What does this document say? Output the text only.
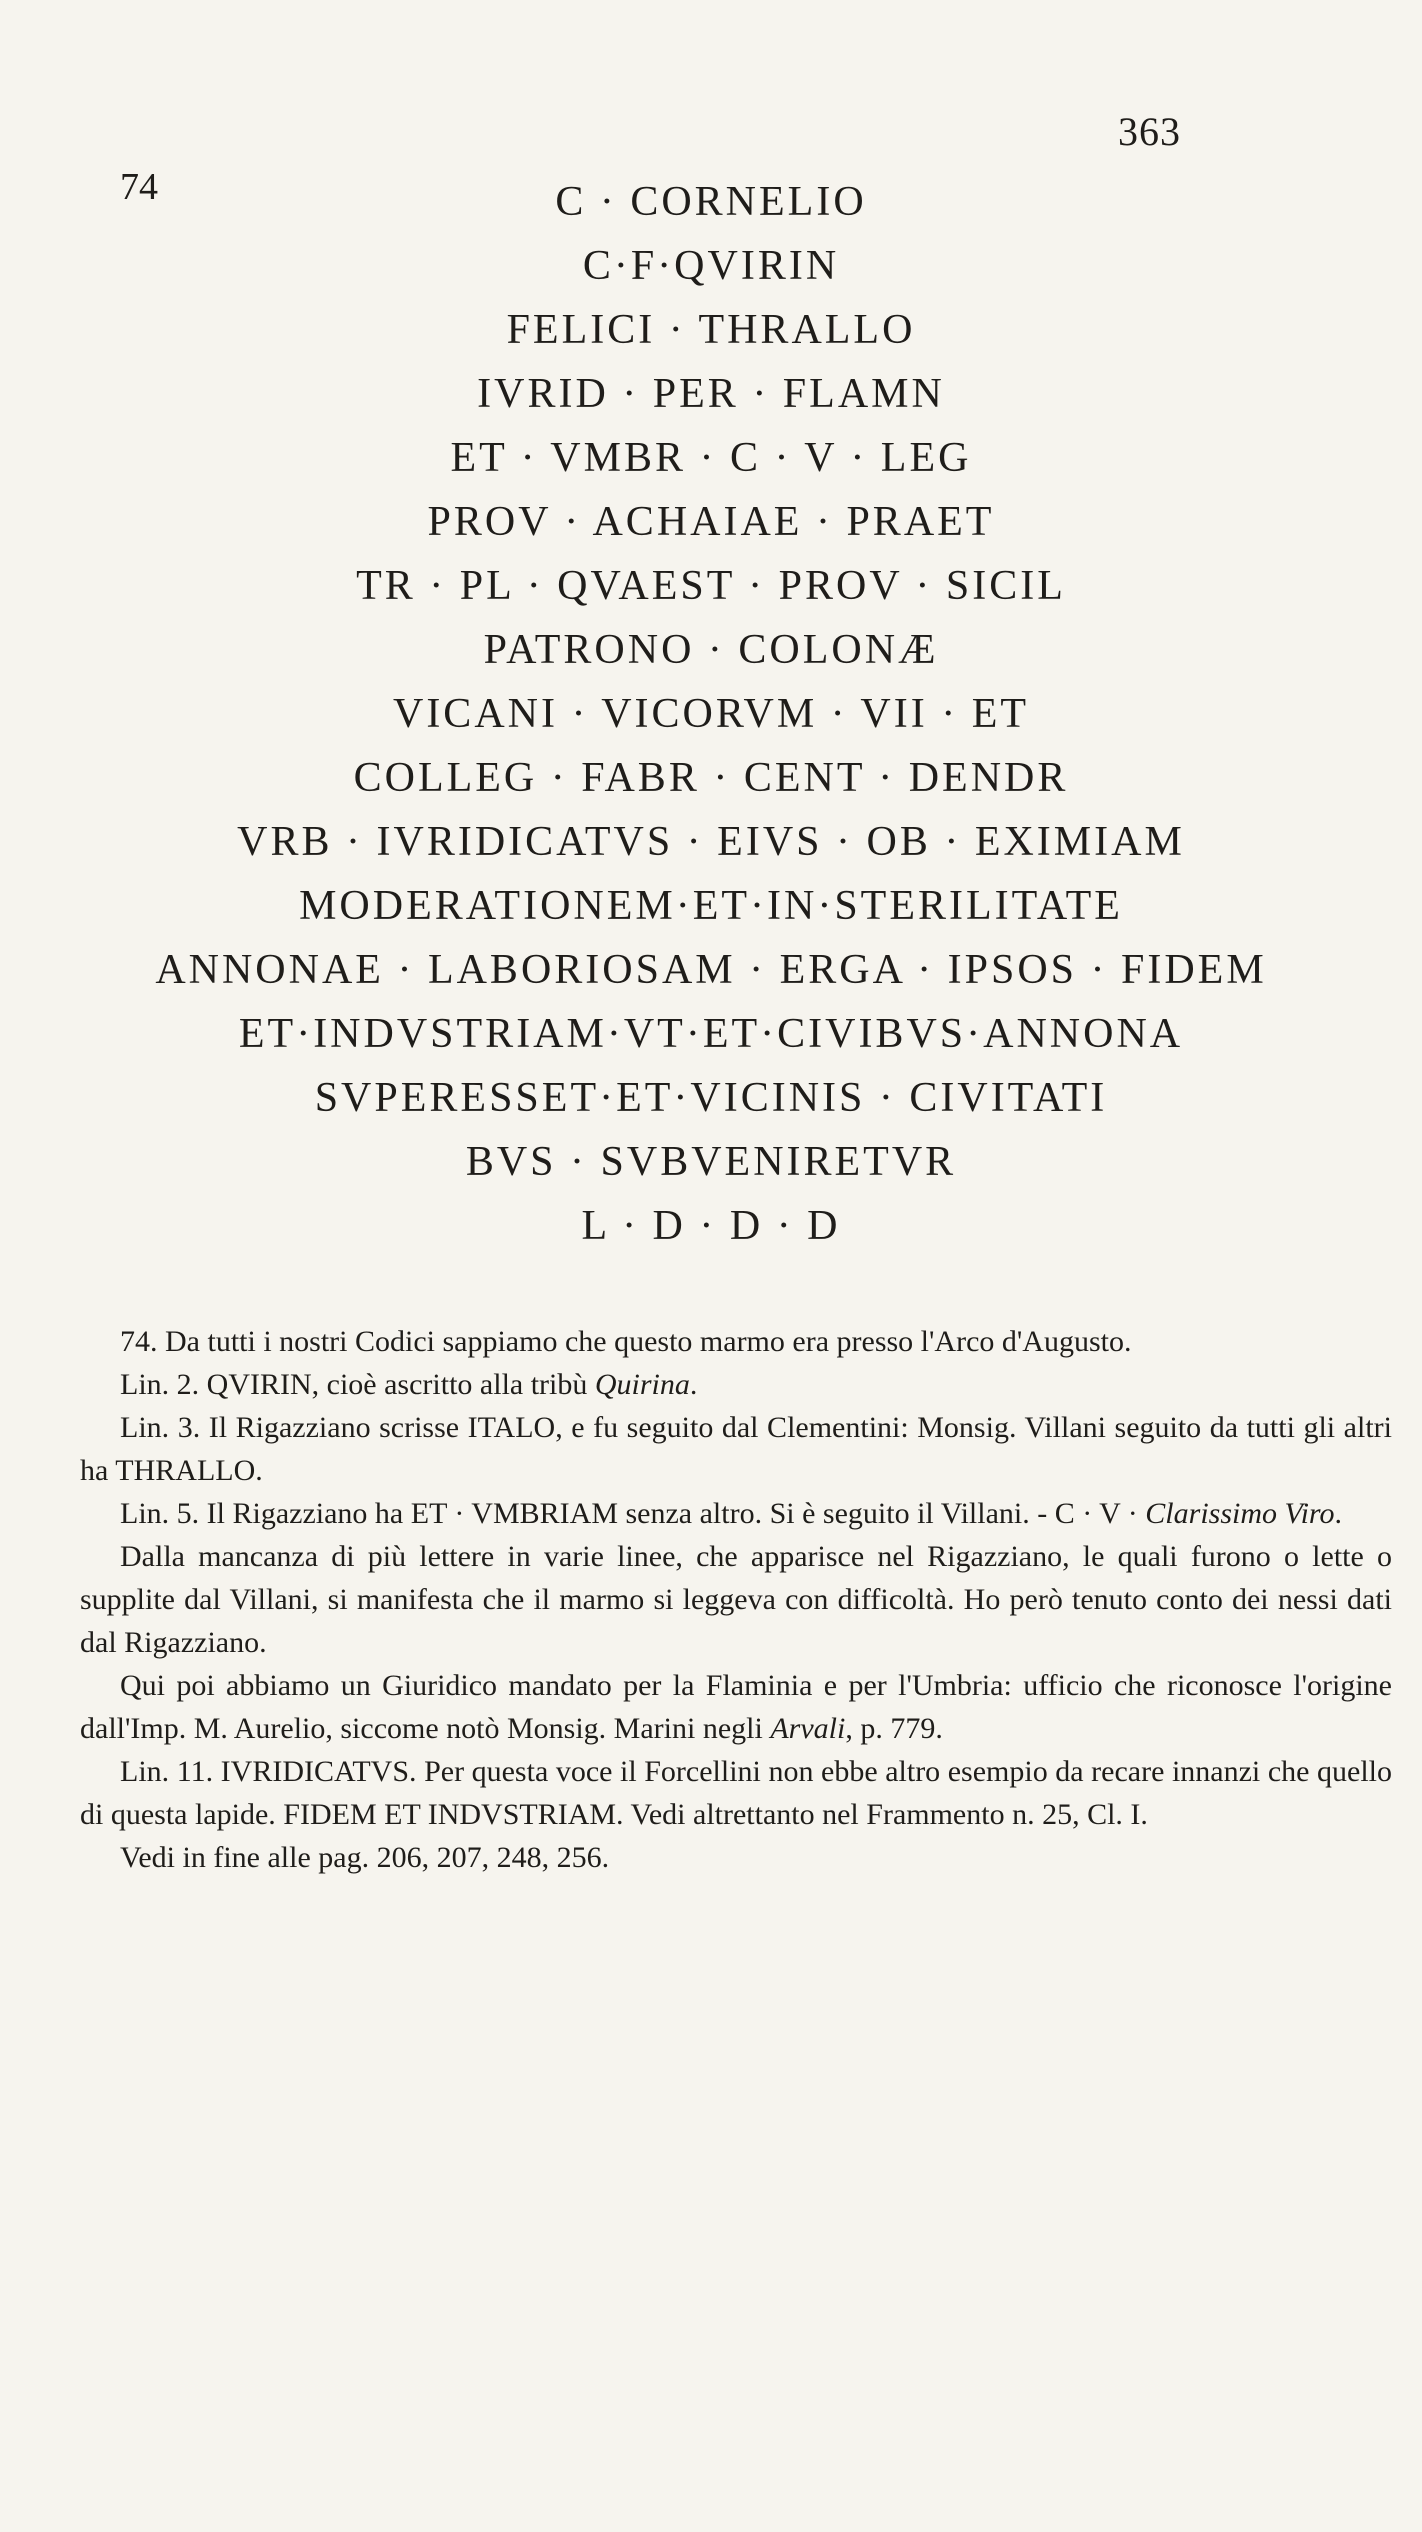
363
74	C · CORNELIO
C·F·QVIRIN
FELICI · THRALLO
IVRID · PER · FLAMN
ET · VMBR · C · V · LEG
PROV · ACHAIAE · PRAET
TR · PL · QVAEST · PROV · SICIL
PATRONO · COLONÆ
VICANI · VICORVM · VII · ET
COLLEG · FABR · CENT · DENDR
VRB · IVRIDICATVS · EIVS · OB · EXIMIAM
MODERATIONEM·ET·IN·STERILITATE
ANNONAE · LABORIOSAM · ERGA · IPSOS · FIDEM
ET·INDVSTRIAM·VT·ET·CIVIBVS·ANNONA
SVPERESSET·ET·VICINIS · CIVITATI
BVS · SVBVENIRETVR
L · D · D · D

74. Da tutti i nostri Codici sappiamo che questo marmo era presso l'Arco d'Augusto.

Lin. 2. QVIRIN, cioè ascritto alla tribù Quirina.

Lin. 3. Il Rigazziano scrisse ITALO, e fu seguito dal Clementini: Monsig. Villani seguito da tutti gli altri ha THRALLO.

Lin. 5. Il Rigazziano ha ET · VMBRIAM senza altro. Si è seguito il Villani. - C · V · Clarissimo Viro.

Dalla mancanza di più lettere in varie linee, che apparisce nel Rigazziano, le quali furono o lette o supplite dal Villani, si manifesta che il marmo si leggeva con difficoltà. Ho però tenuto conto dei nessi dati dal Rigazziano.

Qui poi abbiamo un Giuridico mandato per la Flaminia e per l'Umbria: ufficio che riconosce l'origine dall'Imp. M. Aurelio, siccome notò Monsig. Marini negli Arvali, p. 779.

Lin. 11. IVRIDICATVS. Per questa voce il Forcellini non ebbe altro esempio da recare innanzi che quello di questa lapide. FIDEM ET INDVSTRIAM. Vedi altrettanto nel Frammento n. 25, Cl. I.

Vedi in fine alle pag. 206, 207, 248, 256.
